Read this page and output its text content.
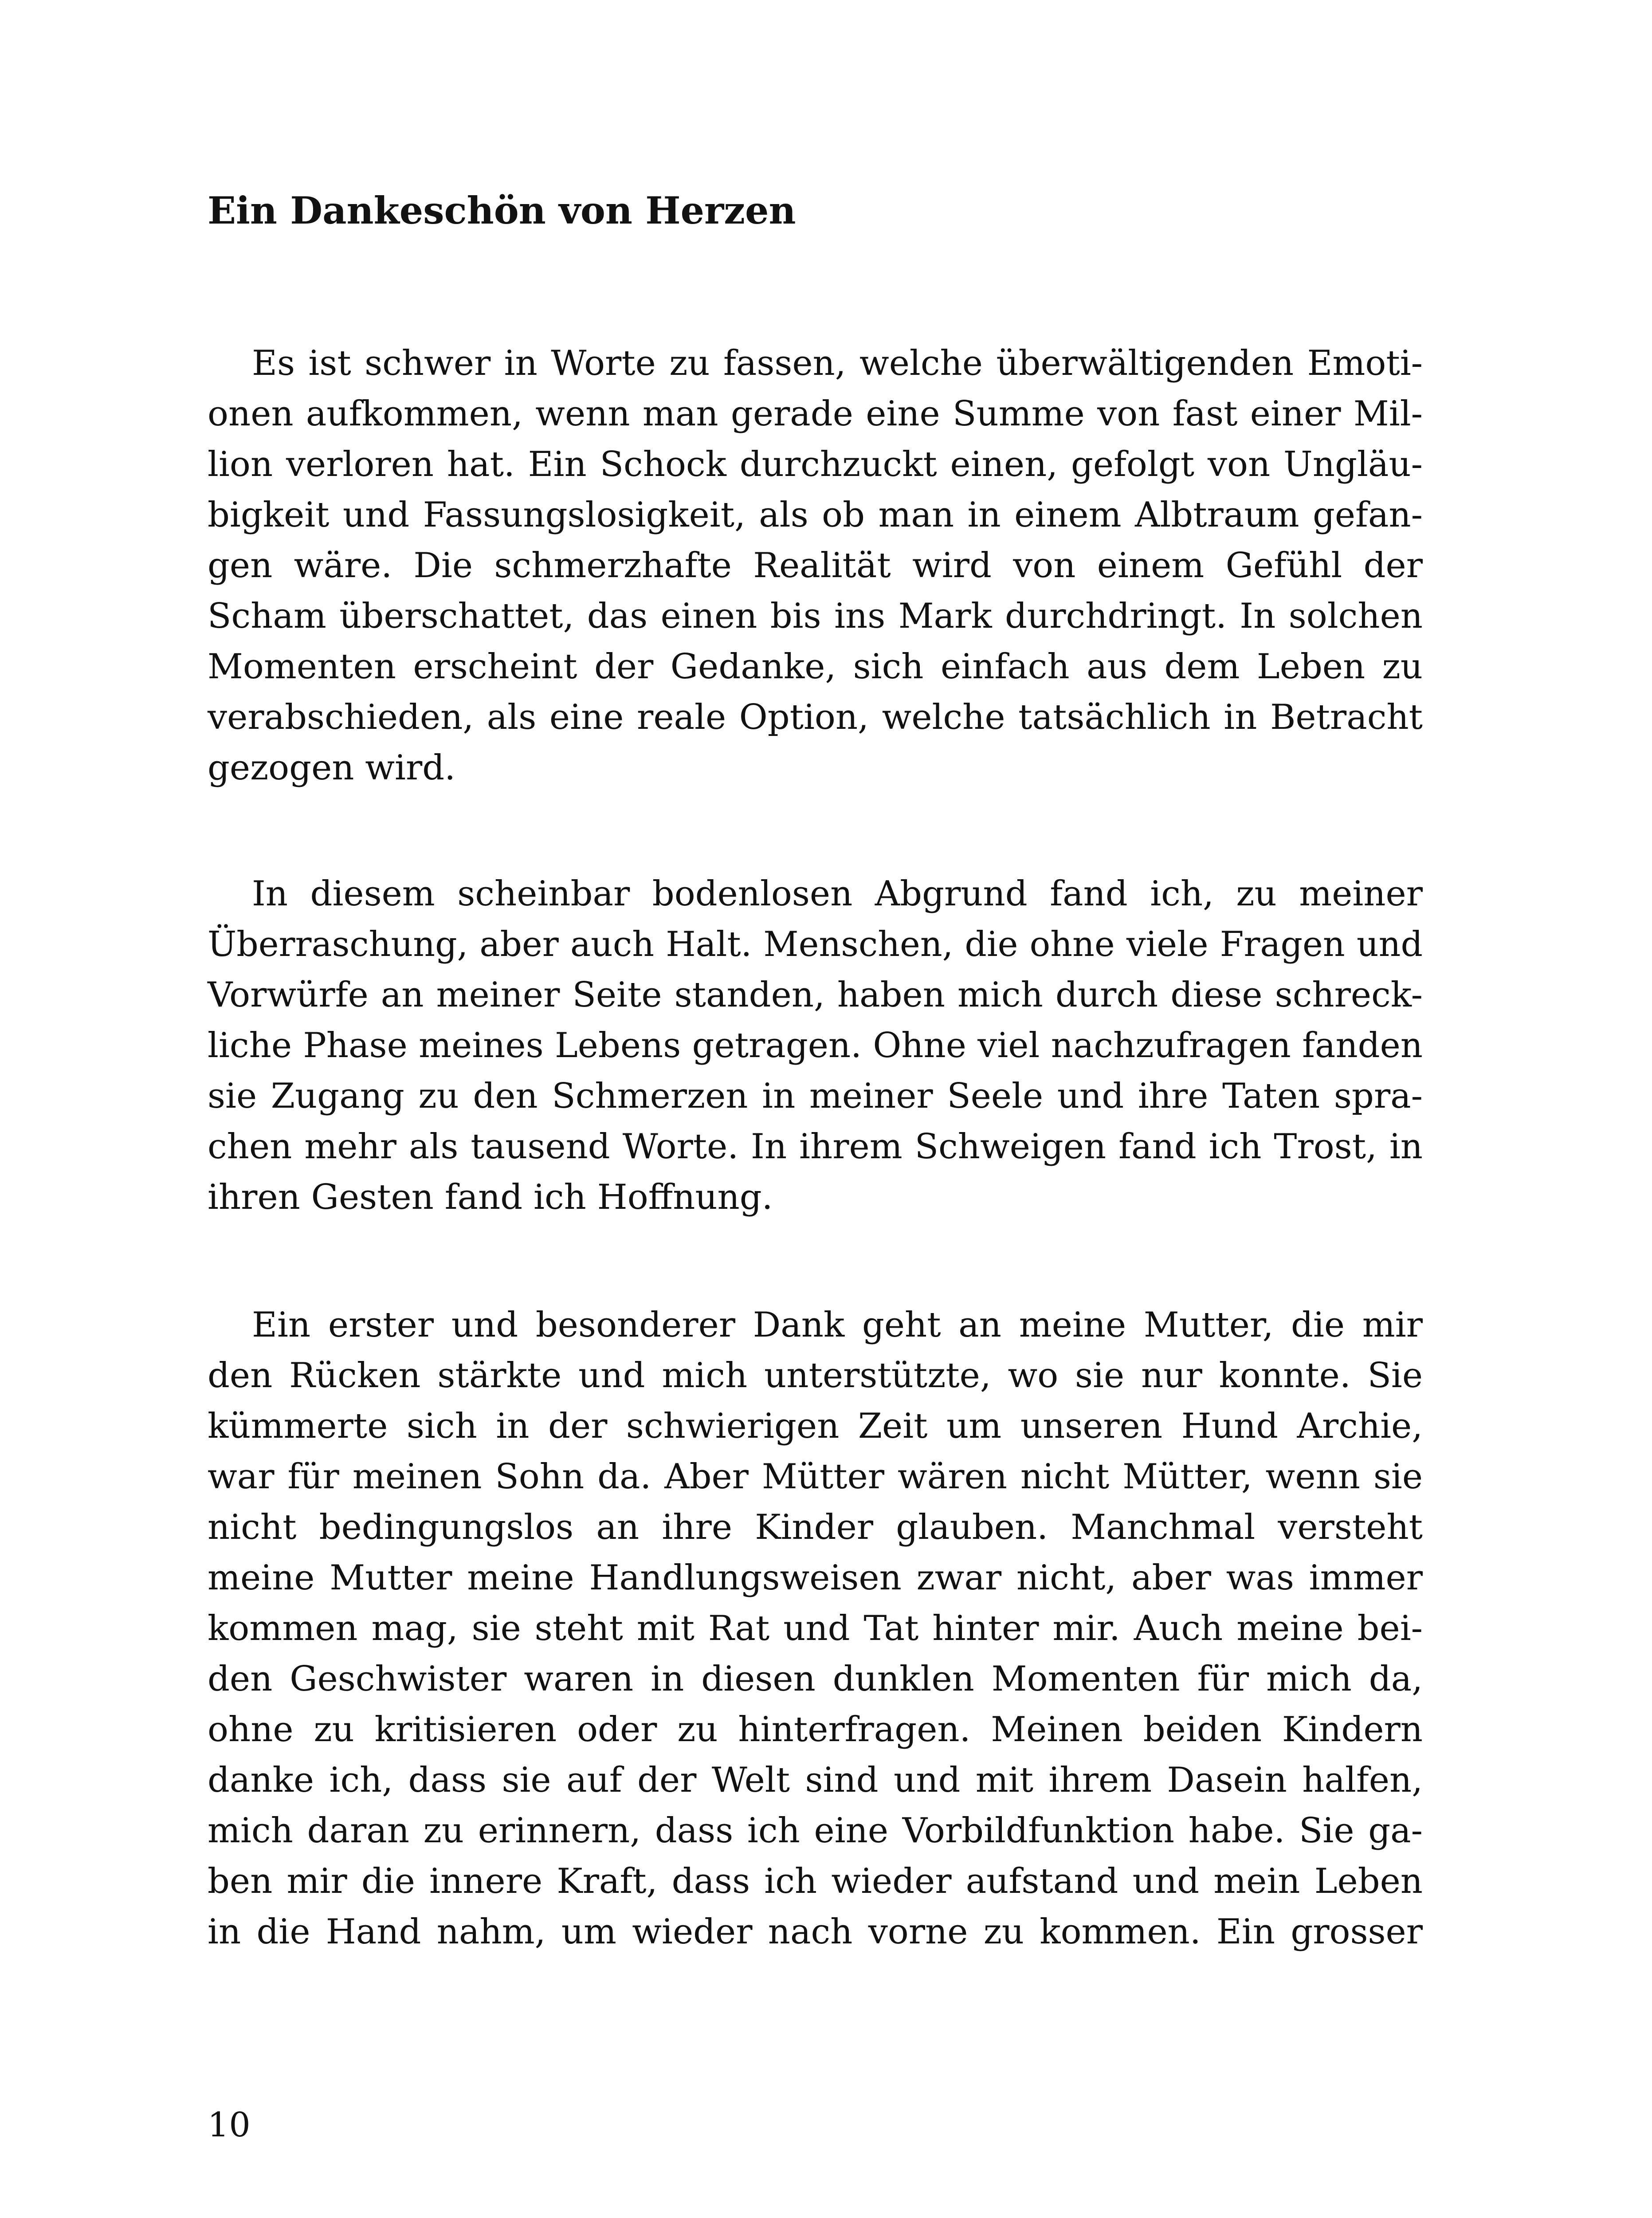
Ein Dankeschön von Herzen
Es ist schwer in Worte zu fassen, welche überwältigenden Emoti-
onen aufkommen, wenn man gerade eine Summe von fast einer Mil-
lion verloren hat. Ein Schock durchzuckt einen, gefolgt von Ungläu-
bigkeit und Fassungslosigkeit, als ob man in einem Albtraum gefan-
gen wäre. Die schmerzhafte Realität wird von einem Gefühl der
Scham überschattet, das einen bis ins Mark durchdringt. In solchen
Momenten erscheint der Gedanke, sich einfach aus dem Leben zu
verabschieden, als eine reale Option, welche tatsächlich in Betracht
gezogen wird.
In diesem scheinbar bodenlosen Abgrund fand ich, zu meiner
Überraschung, aber auch Halt. Menschen, die ohne viele Fragen und
Vorwürfe an meiner Seite standen, haben mich durch diese schreck-
liche Phase meines Lebens getragen. Ohne viel nachzufragen fanden
sie Zugang zu den Schmerzen in meiner Seele und ihre Taten spra-
chen mehr als tausend Worte. In ihrem Schweigen fand ich Trost, in
ihren Gesten fand ich Hoffnung.
Ein erster und besonderer Dank geht an meine Mutter, die mir
den Rücken stärkte und mich unterstützte, wo sie nur konnte. Sie
kümmerte sich in der schwierigen Zeit um unseren Hund Archie,
war für meinen Sohn da. Aber Mütter wären nicht Mütter, wenn sie
nicht bedingungslos an ihre Kinder glauben. Manchmal versteht
meine Mutter meine Handlungsweisen zwar nicht, aber was immer
kommen mag, sie steht mit Rat und Tat hinter mir. Auch meine bei-
den Geschwister waren in diesen dunklen Momenten für mich da,
ohne zu kritisieren oder zu hinterfragen. Meinen beiden Kindern
danke ich, dass sie auf der Welt sind und mit ihrem Dasein halfen,
mich daran zu erinnern, dass ich eine Vorbildfunktion habe. Sie ga-
ben mir die innere Kraft, dass ich wieder aufstand und mein Leben
in die Hand nahm, um wieder nach vorne zu kommen. Ein grosser
10
